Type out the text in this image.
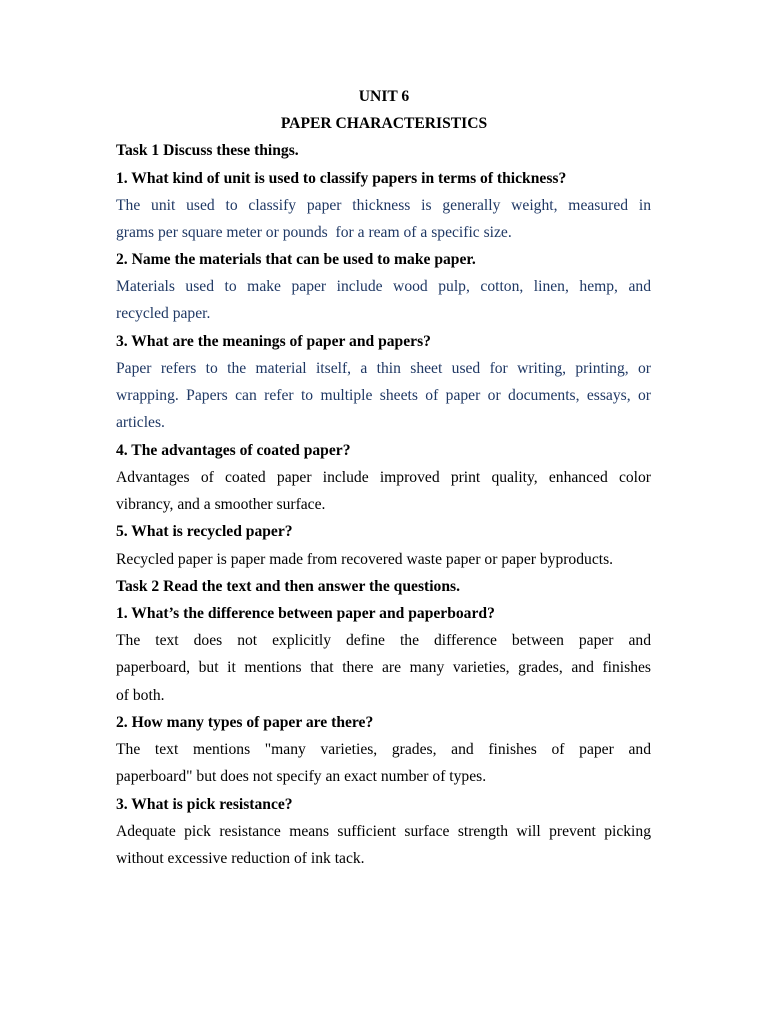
UNIT 6
PAPER CHARACTERISTICS
Task 1 Discuss these things.
1. What kind of unit is used to classify papers in terms of thickness?
The unit used to classify paper thickness is generally weight, measured in
grams per square meter or pounds  for a ream of a specific size.
2. Name the materials that can be used to make paper.
Materials used to make paper include wood pulp, cotton, linen, hemp, and
recycled paper.
3. What are the meanings of paper and papers?
Paper refers to the material itself, a thin sheet used for writing, printing, or
wrapping. Papers can refer to multiple sheets of paper or documents, essays, or
articles.
4. The advantages of coated paper?
Advantages of coated paper include improved print quality, enhanced color
vibrancy, and a smoother surface.
5. What is recycled paper?
Recycled paper is paper made from recovered waste paper or paper byproducts.
Task 2 Read the text and then answer the questions.
1. What’s the difference between paper and paperboard?
The text does not explicitly define the difference between paper and
paperboard, but it mentions that there are many varieties, grades, and finishes
of both.
2. How many types of paper are there?
The text mentions "many varieties, grades, and finishes of paper and
paperboard" but does not specify an exact number of types.
3. What is pick resistance?
Adequate pick resistance means sufficient surface strength will prevent picking
without excessive reduction of ink tack.
